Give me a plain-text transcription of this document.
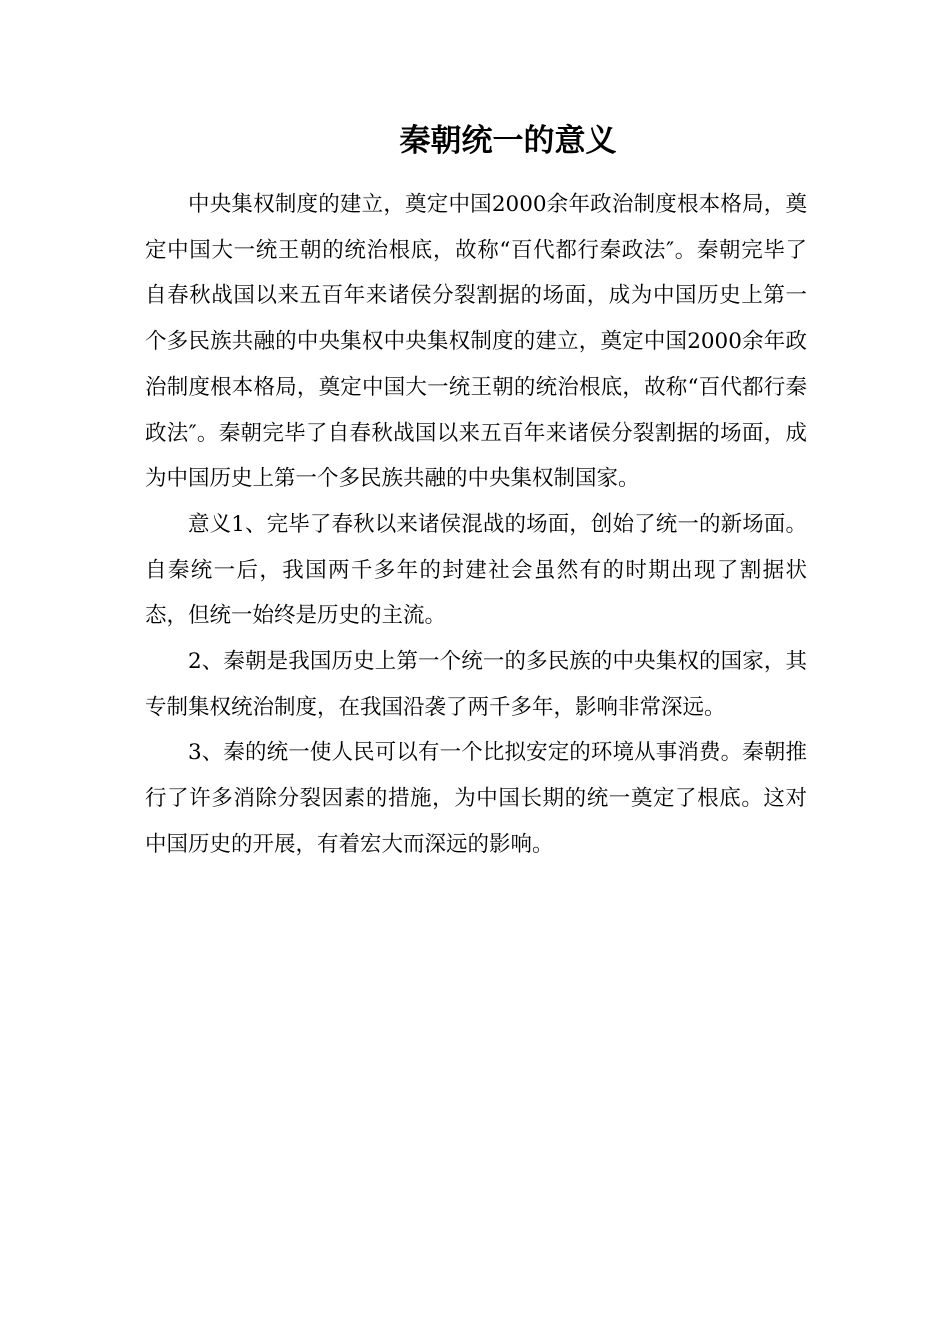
秦朝统一的意义

中央集权制度的建立，奠定中国2000余年政治制度根本格局，奠定中国大一统王朝的统治根底，故称“百代都行秦政法″。秦朝完毕了自春秋战国以来五百年来诸侯分裂割据的场面，成为中国历史上第一个多民族共融的中央集权中央集权制度的建立，奠定中国2000余年政治制度根本格局，奠定中国大一统王朝的统治根底，故称“百代都行秦政法″。秦朝完毕了自春秋战国以来五百年来诸侯分裂割据的场面，成为中国历史上第一个多民族共融的中央集权制国家。

意义1、完毕了春秋以来诸侯混战的场面，创始了统一的新场面。自秦统一后，我国两千多年的封建社会虽然有的时期出现了割据状态，但统一始终是历史的主流。

2、秦朝是我国历史上第一个统一的多民族的中央集权的国家，其专制集权统治制度，在我国沿袭了两千多年，影响非常深远。

3、秦的统一使人民可以有一个比拟安定的环境从事消费。秦朝推行了许多消除分裂因素的措施，为中国长期的统一奠定了根底。这对中国历史的开展，有着宏大而深远的影响。
